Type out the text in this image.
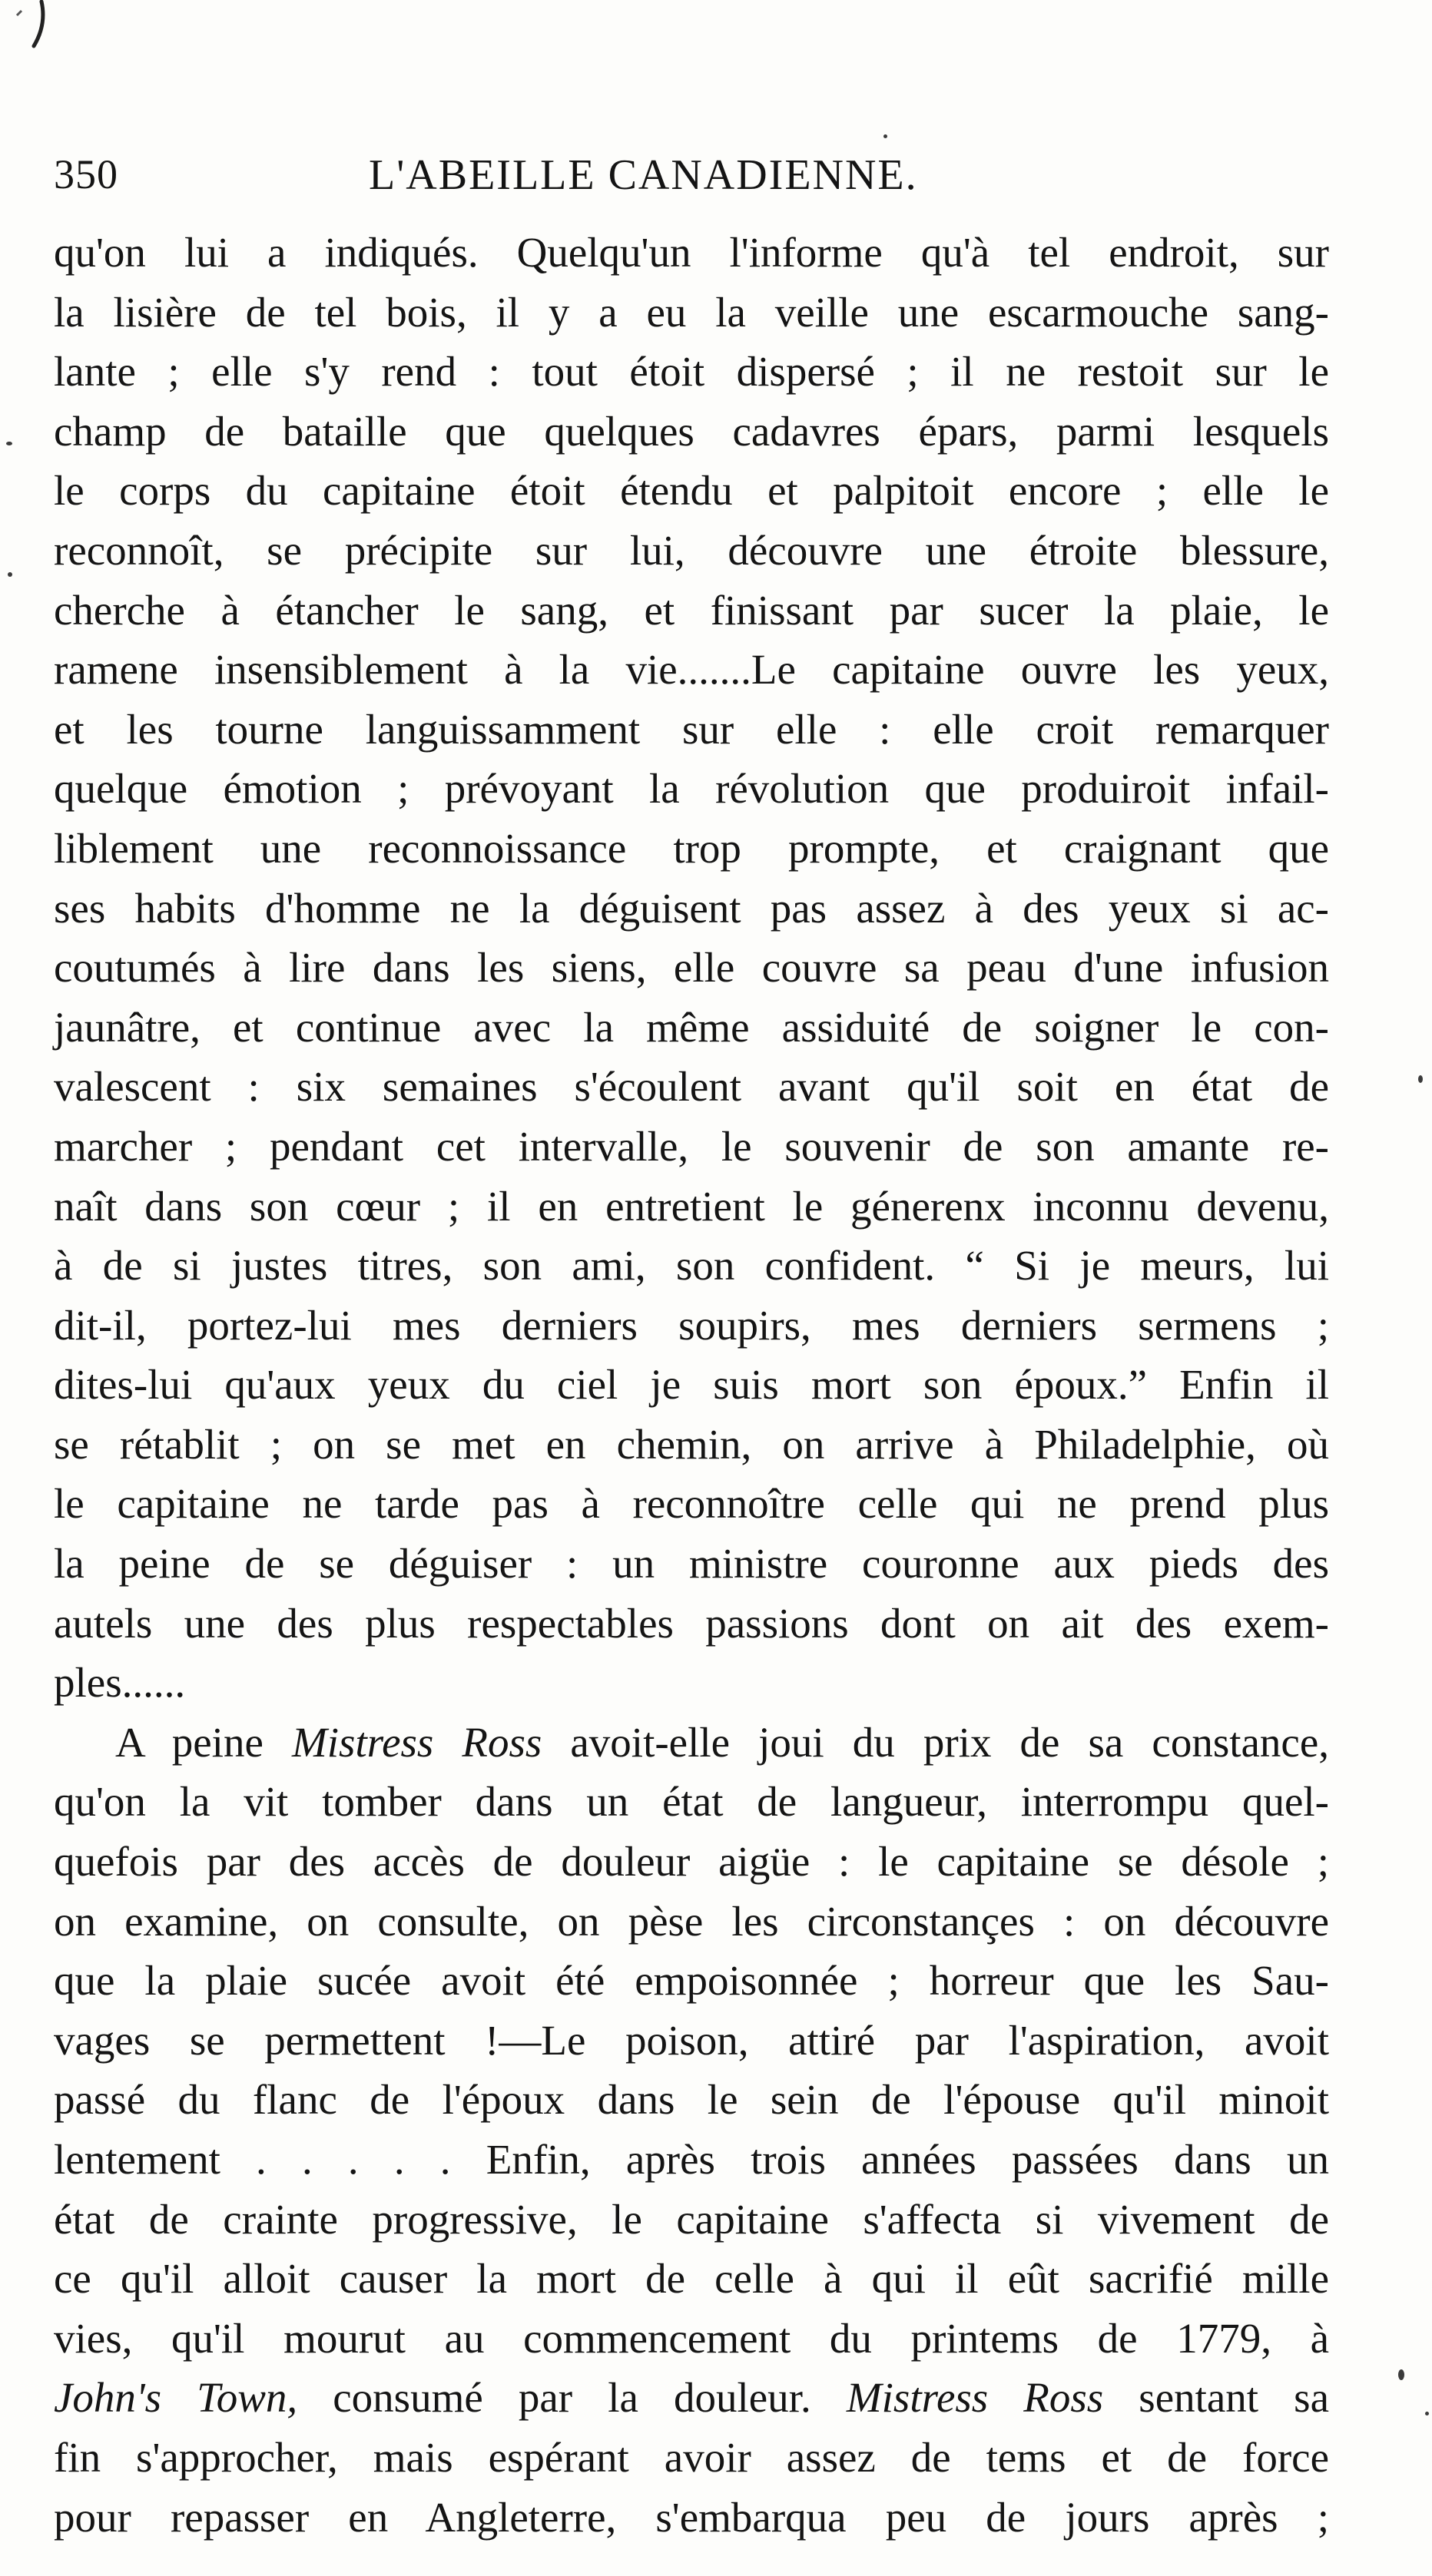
350	L'ABEILLE CANADIENNE.
qu'on lui a indiqués. Quelqu'un l'informe qu'à tel endroit, sur
la lisière de tel bois, il y a eu la veille une escarmouche sang-
lante ; elle s'y rend : tout étoit dispersé ; il ne restoit sur le
champ de bataille que quelques cadavres épars, parmi lesquels
le corps du capitaine étoit étendu et palpitoit encore ; elle le
reconnoît, se précipite sur lui, découvre une étroite blessure,
cherche à étancher le sang, et finissant par sucer la plaie, le
ramene insensiblement à la vie.......Le capitaine ouvre les yeux,
et les tourne languissamment sur elle : elle croit remarquer
quelque émotion ; prévoyant la révolution que produiroit infail-
liblement une reconnoissance trop prompte, et craignant que
ses habits d'homme ne la déguisent pas assez à des yeux si ac-
coutumés à lire dans les siens, elle couvre sa peau d'une infusion
jaunâtre, et continue avec la même assiduité de soigner le con-
valescent : six semaines s'écoulent avant qu'il soit en état de
marcher ; pendant cet intervalle, le souvenir de son amante re-
naît dans son cœur ; il en entretient le génerenx inconnu devenu,
à de si justes titres, son ami, son confident. “ Si je meurs, lui
dit-il, portez-lui mes derniers soupirs, mes derniers sermens ;
dites-lui qu'aux yeux du ciel je suis mort son époux.” Enfin il
se rétablit ; on se met en chemin, on arrive à Philadelphie, où
le capitaine ne tarde pas à reconnoître celle qui ne prend plus
la peine de se déguiser : un ministre couronne aux pieds des
autels une des plus respectables passions dont on ait des exem-
ples......
A peine Mistress Ross avoit-elle joui du prix de sa constance,
qu'on la vit tomber dans un état de langueur, interrompu quel-
quefois par des accès de douleur aigüe : le capitaine se désole ;
on examine, on consulte, on pèse les circonstançes : on découvre
que la plaie sucée avoit été empoisonnée ; horreur que les Sau-
vages se permettent !—Le poison, attiré par l'aspiration, avoit
passé du flanc de l'époux dans le sein de l'épouse qu'il minoit
lentement . . . . . Enfin, après trois années passées dans un
état de crainte progressive, le capitaine s'affecta si vivement de
ce qu'il alloit causer la mort de celle à qui il eût sacrifié mille
vies, qu'il mourut au commencement du printems de 1779, à
John's Town, consumé par la douleur. Mistress Ross sentant sa
fin s'approcher, mais espérant avoir assez de tems et de force
pour repasser en Angleterre, s'embarqua peu de jours après ;
